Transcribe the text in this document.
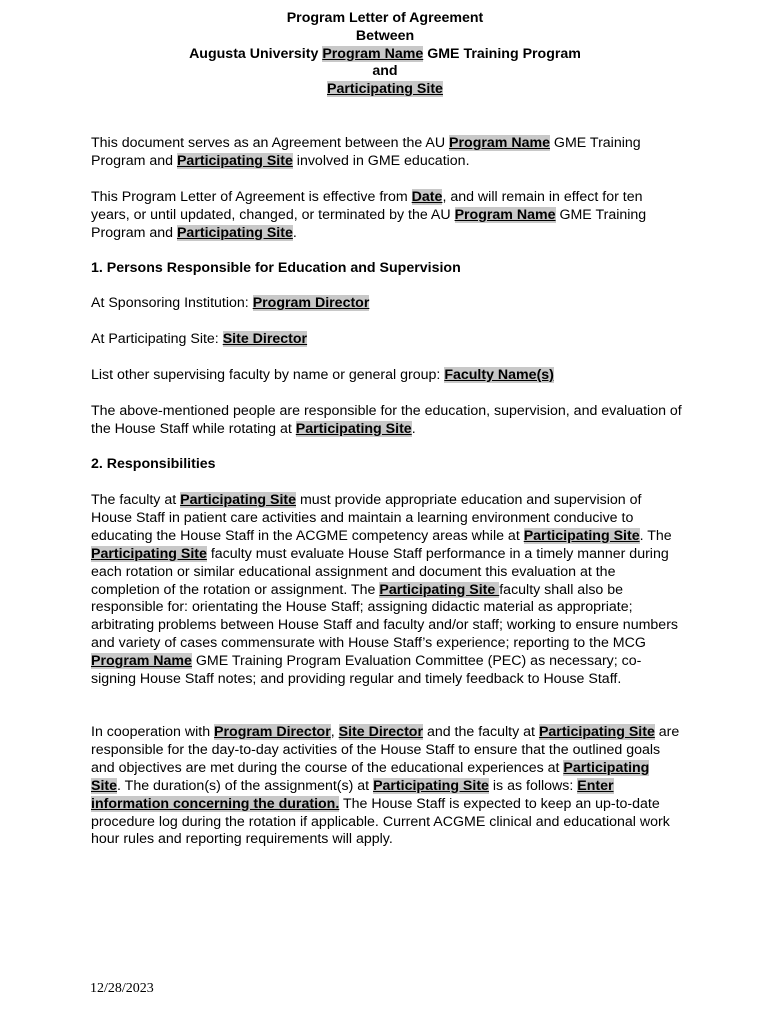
Program Letter of Agreement
Between
Augusta University Program Name GME Training Program
and
Participating Site

This document serves as an Agreement between the AU Program Name GME Training Program and Participating Site involved in GME education.

This Program Letter of Agreement is effective from Date, and will remain in effect for ten years, or until updated, changed, or terminated by the AU Program Name GME Training Program and Participating Site.

1. Persons Responsible for Education and Supervision
At Sponsoring Institution: Program Director
At Participating Site: Site Director
List other supervising faculty by name or general group: Faculty Name(s)

The above-mentioned people are responsible for the education, supervision, and evaluation of the House Staff while rotating at Participating Site.

2. Responsibilities

The faculty at Participating Site must provide appropriate education and supervision of House Staff in patient care activities and maintain a learning environment conducive to educating the House Staff in the ACGME competency areas while at Participating Site. The Participating Site faculty must evaluate House Staff performance in a timely manner during each rotation or similar educational assignment and document this evaluation at the completion of the rotation or assignment. The Participating Site faculty shall also be responsible for: orientating the House Staff; assigning didactic material as appropriate; arbitrating problems between House Staff and faculty and/or staff; working to ensure numbers and variety of cases commensurate with House Staff’s experience; reporting to the MCG Program Name GME Training Program Evaluation Committee (PEC) as necessary; co-signing House Staff notes; and providing regular and timely feedback to House Staff.

In cooperation with Program Director, Site Director and the faculty at Participating Site are responsible for the day-to-day activities of the House Staff to ensure that the outlined goals and objectives are met during the course of the educational experiences at Participating Site. The duration(s) of the assignment(s) at Participating Site is as follows: Enter information concerning the duration. The House Staff is expected to keep an up-to-date procedure log during the rotation if applicable. Current ACGME clinical and educational work hour rules and reporting requirements will apply.

12/28/2023
